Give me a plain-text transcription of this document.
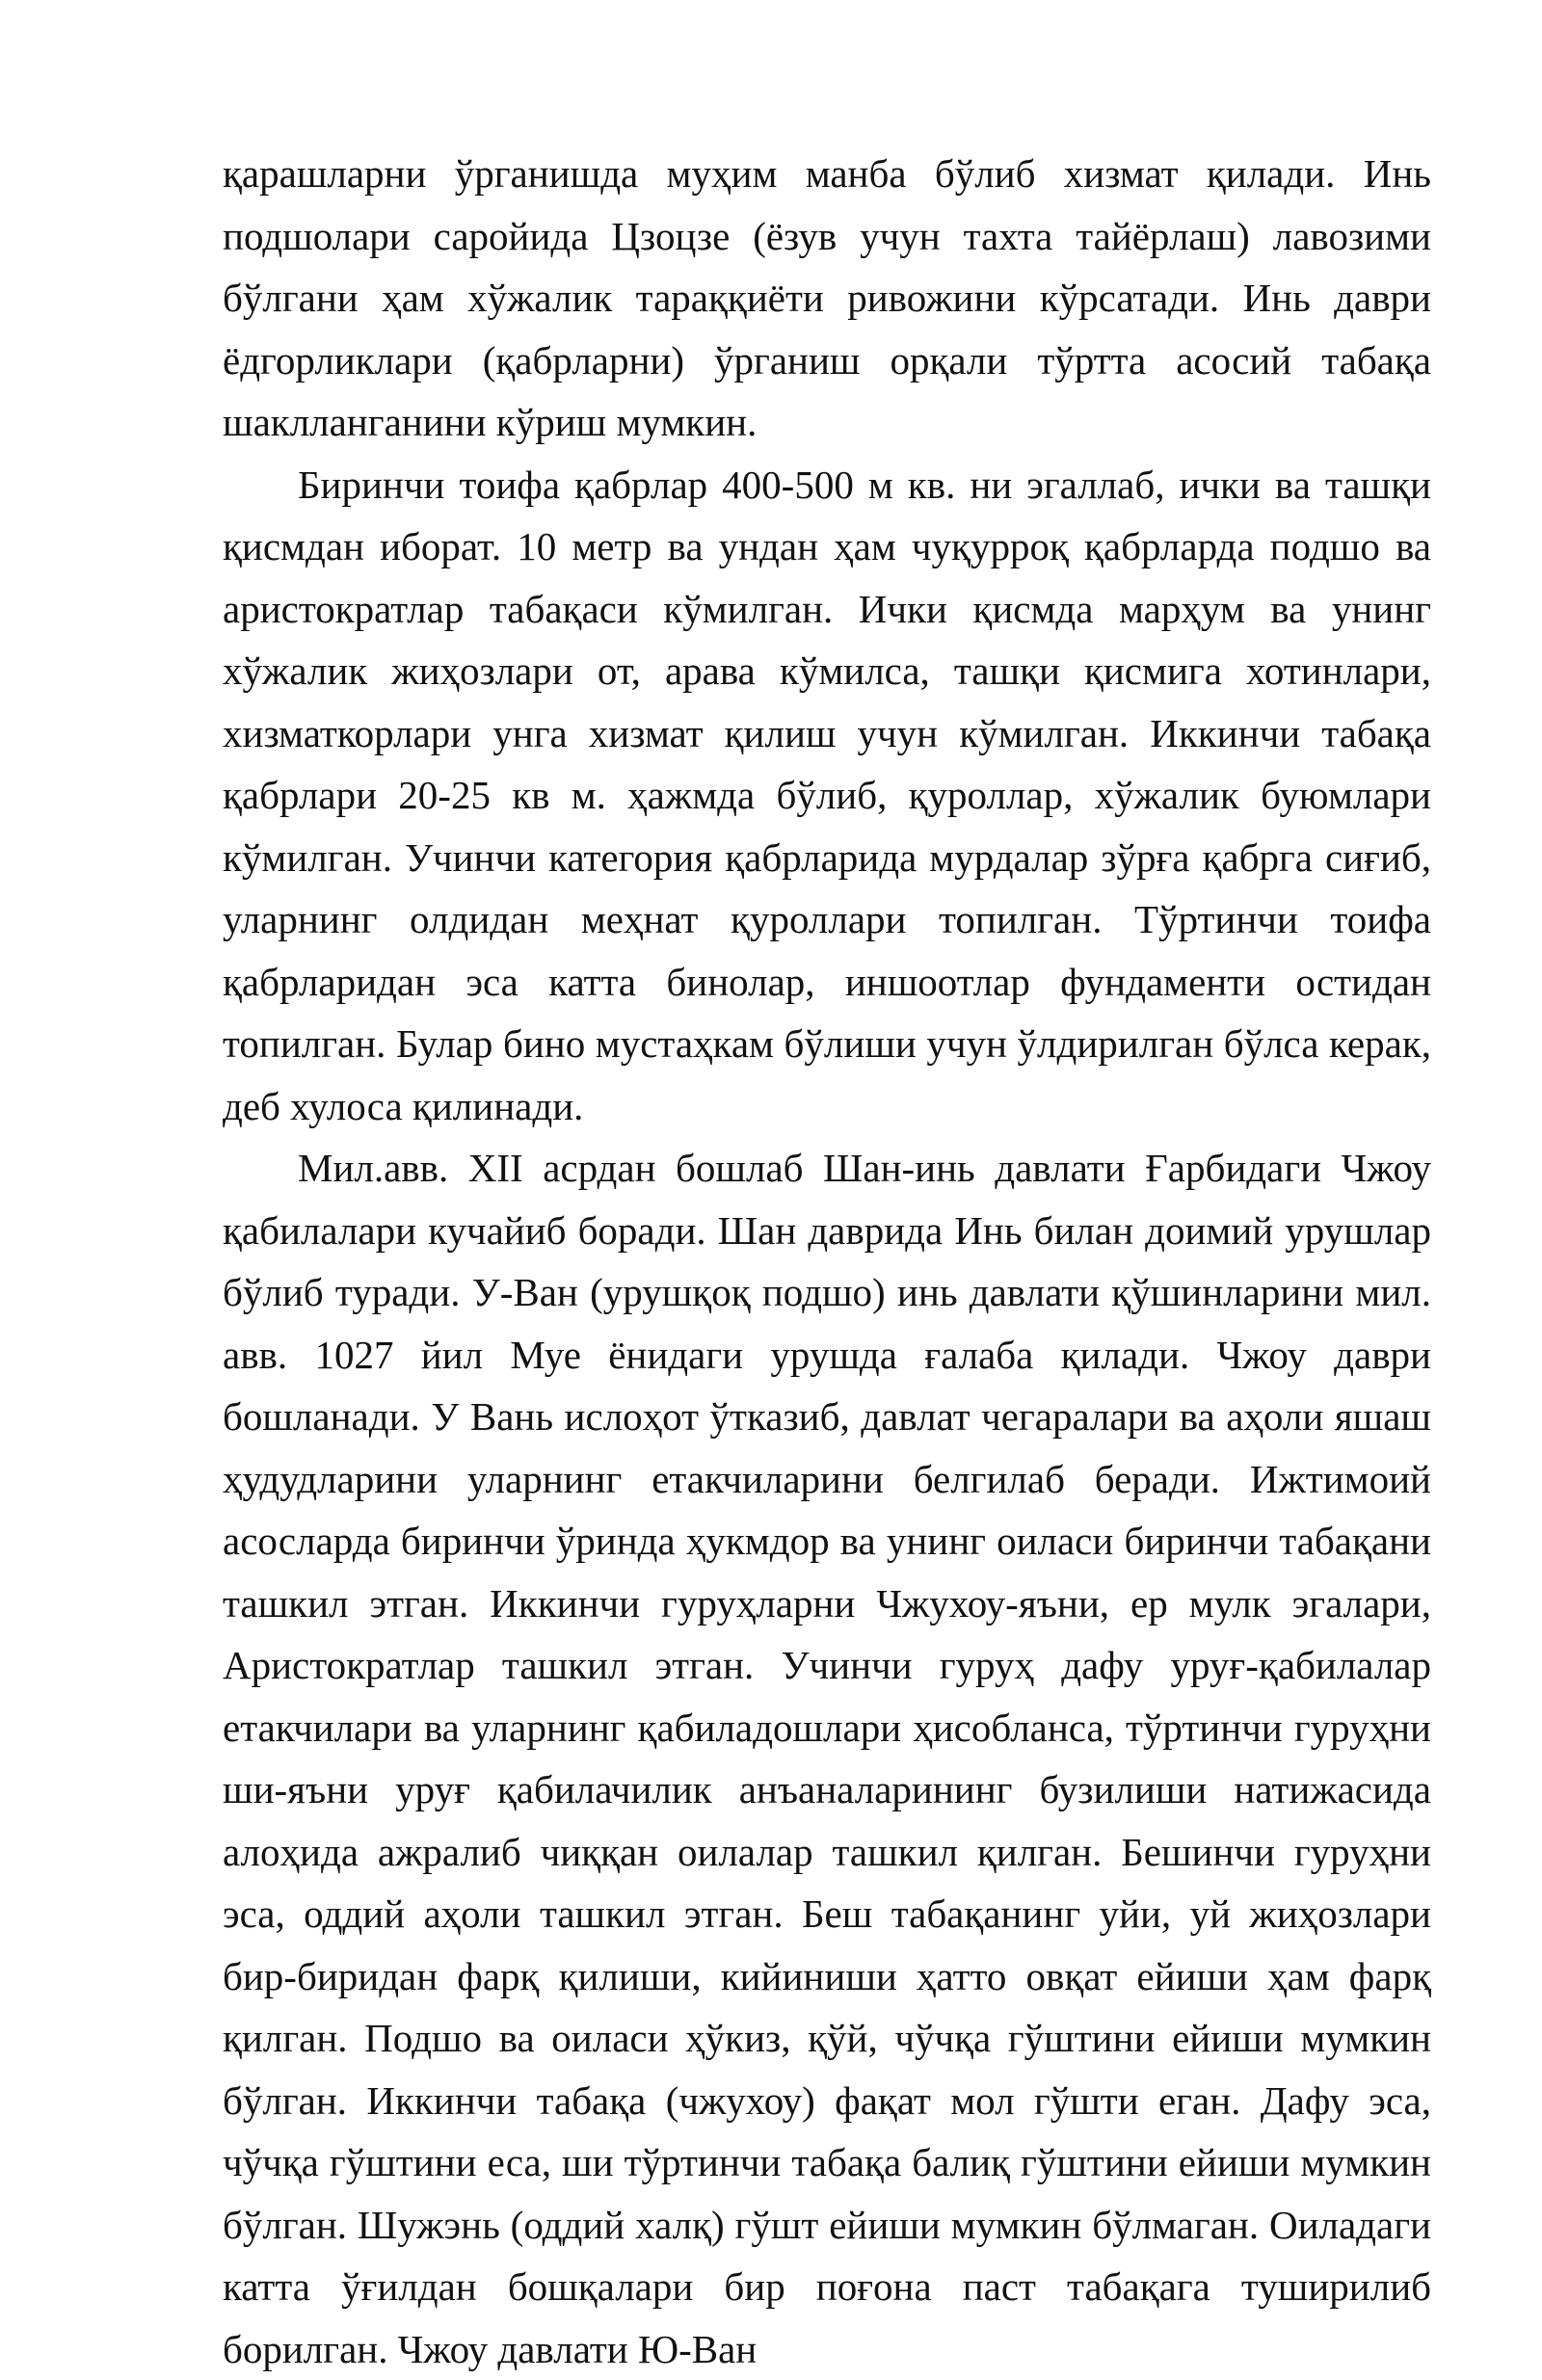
қарашларни ўрганишда муҳим манба бўлиб хизмат қилади. Инь подшолари саройида Цзоцзе (ёзув учун тахта тайёрлаш) лавозими бўлгани ҳам хўжалик тараққиёти ривожини кўрсатади. Инь даври ёдгорликлари (қабрларни) ўрганиш орқали тўртта асосий табақа шаклланганини кўриш мумкин.

Биринчи тоифа қабрлар 400-500 м кв. ни эгаллаб, ички ва ташқи қисмдан иборат. 10 метр ва ундан ҳам чуқурроқ қабрларда подшо ва аристократлар табақаси кўмилган. Ички қисмда марҳум ва унинг хўжалик жиҳозлари от, арава кўмилса, ташқи қисмига хотинлари, хизматкорлари унга хизмат қилиш учун кўмилган. Иккинчи табақа қабрлари 20-25 кв м. ҳажмда бўлиб, қуроллар, хўжалик буюмлари кўмилган. Учинчи категория қабрларида мурдалар зўрға қабрга сиғиб, уларнинг олдидан меҳнат қуроллари топилган. Тўртинчи тоифа қабрларидан эса катта бинолар, иншоотлар фундаменти остидан топилган. Булар бино мустаҳкам бўлиши учун ўлдирилган бўлса керак, деб хулоса қилинади.

Мил.авв. XII асрдан бошлаб Шан-инь давлати Ғарбидаги Чжоу қабилалари кучайиб боради. Шан даврида Инь билан доимий урушлар бўлиб туради. У-Ван (урушқоқ подшо) инь давлати қўшинларини мил. авв. 1027 йил Муе ёнидаги урушда ғалаба қилади. Чжоу даври бошланади. У Вань ислоҳот ўтказиб, давлат чегаралари ва аҳоли яшаш ҳудудларини уларнинг етакчиларини белгилаб беради. Ижтимоий асосларда биринчи ўринда ҳукмдор ва унинг оиласи биринчи табақани ташкил этган. Иккинчи гуруҳларни Чжухоу-яъни, ер мулк эгалари, Аристократлар ташкил этган. Учинчи гуруҳ дафу уруғ-қабилалар етакчилари ва уларнинг қабиладошлари ҳисобланса, тўртинчи гуруҳни ши-яъни уруғ қабилачилик анъаналарининг бузилиши натижасида алоҳида ажралиб чиққан оилалар ташкил қилган. Бешинчи гуруҳни эса, оддий аҳоли ташкил этган. Беш табақанинг уйи, уй жиҳозлари бир-биридан фарқ қилиши, кийиниши ҳатто овқат ейиши ҳам фарқ қилган. Подшо ва оиласи ҳўкиз, қўй, чўчқа гўштини ейиши мумкин бўлган. Иккинчи табақа (чжухоу) фақат мол гўшти еган. Дафу эса, чўчқа гўштини еса, ши тўртинчи табақа балиқ гўштини ейиши мумкин бўлган. Шужэнь (оддий халқ) гўшт ейиши мумкин бўлмаган. Оиладаги катта ўғилдан бошқалари бир поғона паст табақага туширилиб борилган. Чжоу давлати Ю-Ван
